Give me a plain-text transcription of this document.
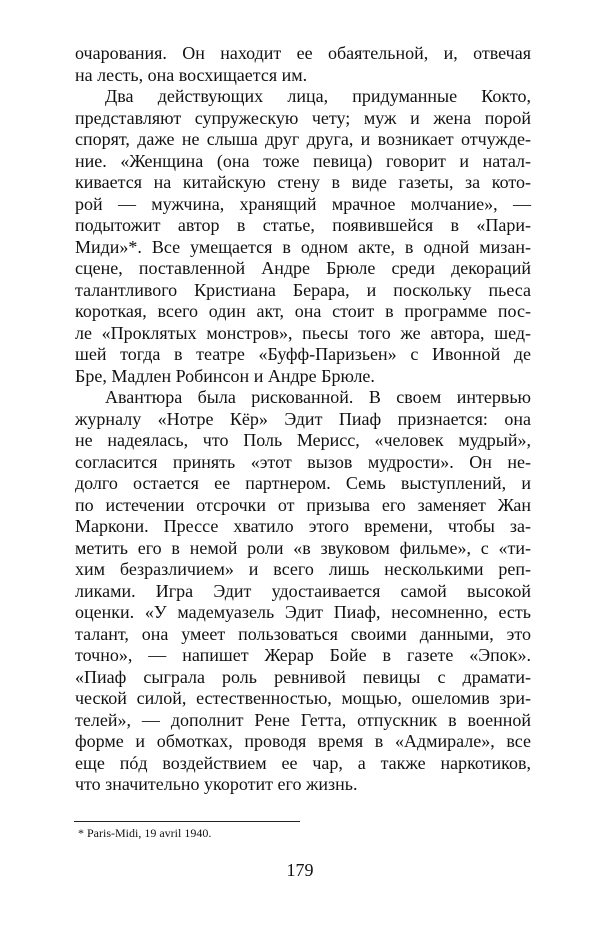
очарования. Он находит ее обаятельной, и, отвечая
на лесть, она восхищается им.
Два действующих лица, придуманные Кокто,
представляют супружескую чету; муж и жена порой
спорят, даже не слыша друг друга, и возникает отчужде-
ние. «Женщина (она тоже певица) говорит и натал-
кивается на китайскую стену в виде газеты, за кото-
рой — мужчина, хранящий мрачное молчание», —
подытожит автор в статье, появившейся в «Пари-
Миди»*. Все умещается в одном акте, в одной мизан-
сцене, поставленной Андре Брюле среди декораций
талантливого Кристиана Берара, и поскольку пьеса
короткая, всего один акт, она стоит в программе пос-
ле «Проклятых монстров», пьесы того же автора, шед-
шей тогда в театре «Буфф-Паризьен» с Ивонной де
Бре, Мадлен Робинсон и Андре Брюле.
Авантюра была рискованной. В своем интервью
журналу «Нотре Кёр» Эдит Пиаф признается: она
не надеялась, что Поль Мерисс, «человек мудрый»,
согласится принять «этот вызов мудрости». Он не-
долго остается ее партнером. Семь выступлений, и
по истечении отсрочки от призыва его заменяет Жан
Маркони. Прессе хватило этого времени, чтобы за-
метить его в немой роли «в звуковом фильме», с «ти-
хим безразличием» и всего лишь несколькими реп-
ликами. Игра Эдит удостаивается самой высокой
оценки. «У мадемуазель Эдит Пиаф, несомненно, есть
талант, она умеет пользоваться своими данными, это
точно», — напишет Жерар Бойе в газете «Эпок».
«Пиаф сыграла роль ревнивой певицы с драмати-
ческой силой, естественностью, мощью, ошеломив зри-
телей», — дополнит Рене Гетта, отпускник в военной
форме и обмотках, проводя время в «Адмирале», все
еще пóд воздействием ее чар, а также наркотиков,
что значительно укоротит его жизнь.
* Paris-Midi, 19 avril 1940.
179
